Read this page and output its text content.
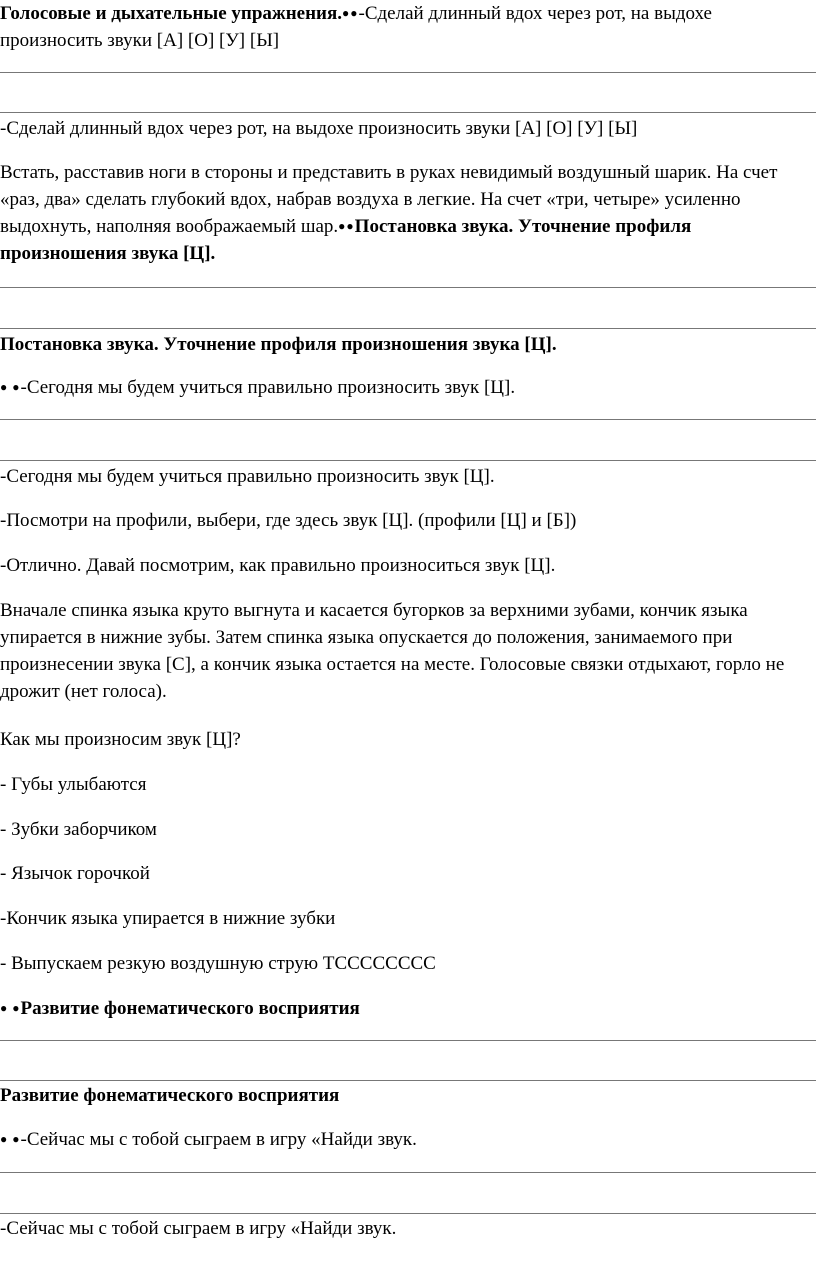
Голосовые и дыхательные упражнения.●●-Сделай длинный вдох через рот, на выдохе произносить звуки [А] [О] [У] [Ы]

-Сделай длинный вдох через рот, на выдохе произносить звуки [А] [О] [У] [Ы]

Встать, расставив ноги в стороны и представить в руках невидимый воздушный шарик. На счет «раз, два» сделать глубокий вдох, набрав воздуха в легкие. На счет «три, четыре» усиленно выдохнуть, наполняя воображаемый шар.●●Постановка звука. Уточнение профиля произношения звука [Ц].

Постановка звука. Уточнение профиля произношения звука [Ц].

● ●-Сегодня мы будем учиться правильно произносить звук [Ц].

-Сегодня мы будем учиться правильно произносить звук [Ц].

-Посмотри на профили, выбери, где здесь звук [Ц]. (профили [Ц] и [Б])

-Отлично. Давай посмотрим, как правильно произноситься звук [Ц].

Вначале спинка языка круто выгнута и касается бугорков за верхними зубами, кончик языка упирается в нижние зубы. Затем спинка языка опускается до положения, занимаемого при произнесении звука [С], а кончик языка остается на месте. Голосовые связки отдыхают, горло не дрожит (нет голоса).

Как мы произносим звук [Ц]?

- Губы улыбаются

- Зубки заборчиком

- Язычок горочкой

-Кончик языка упирается в нижние зубки

- Выпускаем резкую воздушную струю ТСССССССС

● ●Развитие фонематического восприятия

Развитие фонематического восприятия

● ●-Сейчас мы с тобой сыграем в игру «Найди звук.

-Сейчас мы с тобой сыграем в игру «Найди звук.
